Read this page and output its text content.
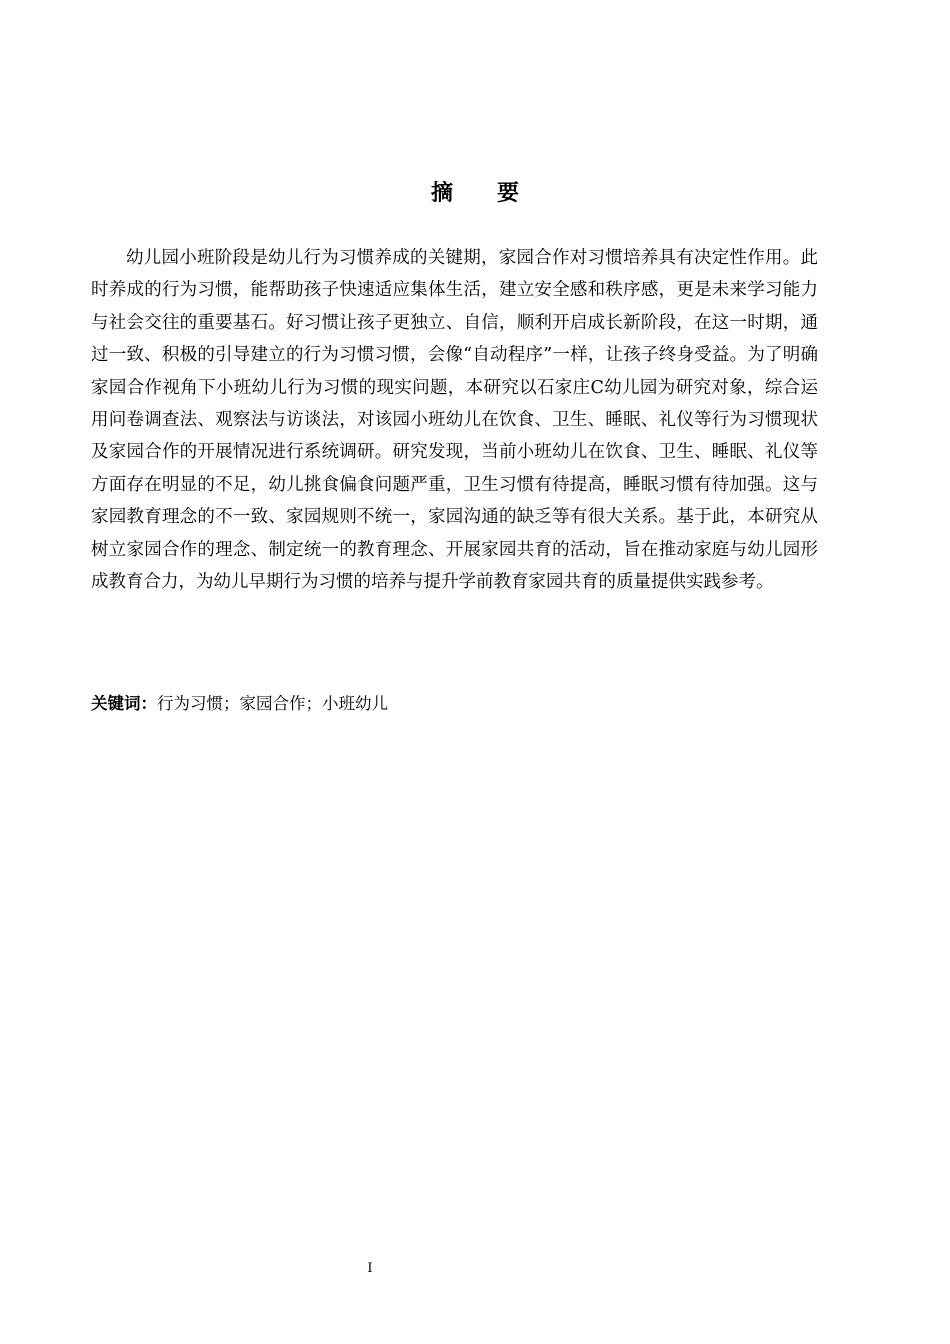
摘 要

幼儿园小班阶段是幼儿行为习惯养成的关键期，家园合作对习惯培养具有决定性作用。此时养成的行为习惯，能帮助孩子快速适应集体生活，建立安全感和秩序感，更是未来学习能力与社会交往的重要基石。好习惯让孩子更独立、自信，顺利开启成长新阶段，在这一时期，通过一致、积极的引导建立的行为习惯习惯，会像“自动程序”一样，让孩子终身受益。为了明确家园合作视角下小班幼儿行为习惯的现实问题，本研究以石家庄C幼儿园为研究对象，综合运用问卷调查法、观察法与访谈法，对该园小班幼儿在饮食、卫生、睡眠、礼仪等行为习惯现状及家园合作的开展情况进行系统调研。研究发现，当前小班幼儿在饮食、卫生、睡眠、礼仪等方面存在明显的不足，幼儿挑食偏食问题严重，卫生习惯有待提高，睡眠习惯有待加强。这与家园教育理念的不一致、家园规则不统一，家园沟通的缺乏等有很大关系。基于此，本研究从树立家园合作的理念、制定统一的教育理念、开展家园共育的活动，旨在推动家庭与幼儿园形成教育合力，为幼儿早期行为习惯的培养与提升学前教育家园共育的质量提供实践参考。

关键词：行为习惯；家园合作；小班幼儿

I
